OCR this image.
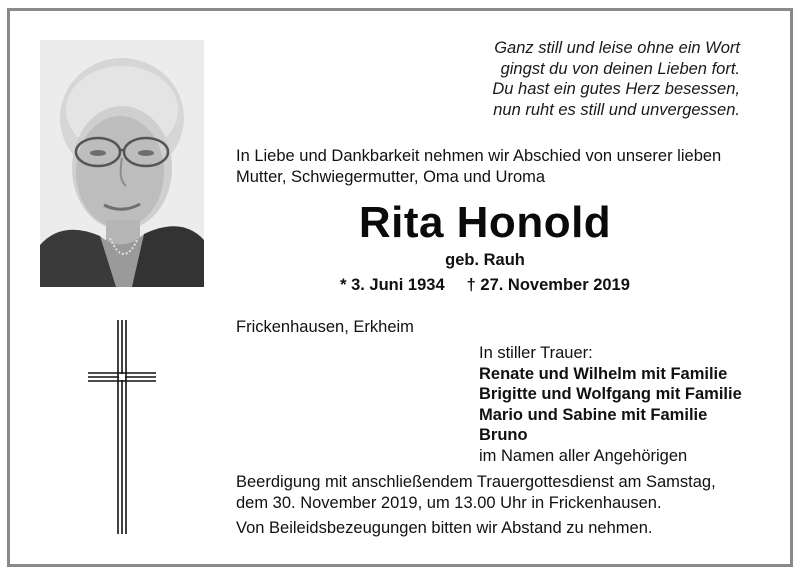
Ganz still und leise ohne ein Wort
gingst du von deinen Lieben fort.
Du hast ein gutes Herz besessen,
nun ruht es still und unvergessen.
In Liebe und Dankbarkeit nehmen wir Abschied von unserer lieben
Mutter, Schwiegermutter, Oma und Uroma
Rita Honold
geb. Rauh
* 3. Juni 1934 † 27. November 2019
Frickenhausen, Erkheim
In stiller Trauer:
Renate und Wilhelm mit Familie
Brigitte und Wolfgang mit Familie
Mario und Sabine mit Familie
Bruno
im Namen aller Angehörigen
Beerdigung mit anschließendem Trauergottesdienst am Samstag,
dem 30. November 2019, um 13.00 Uhr in Frickenhausen.
Von Beileidsbezeugungen bitten wir Abstand zu nehmen.
